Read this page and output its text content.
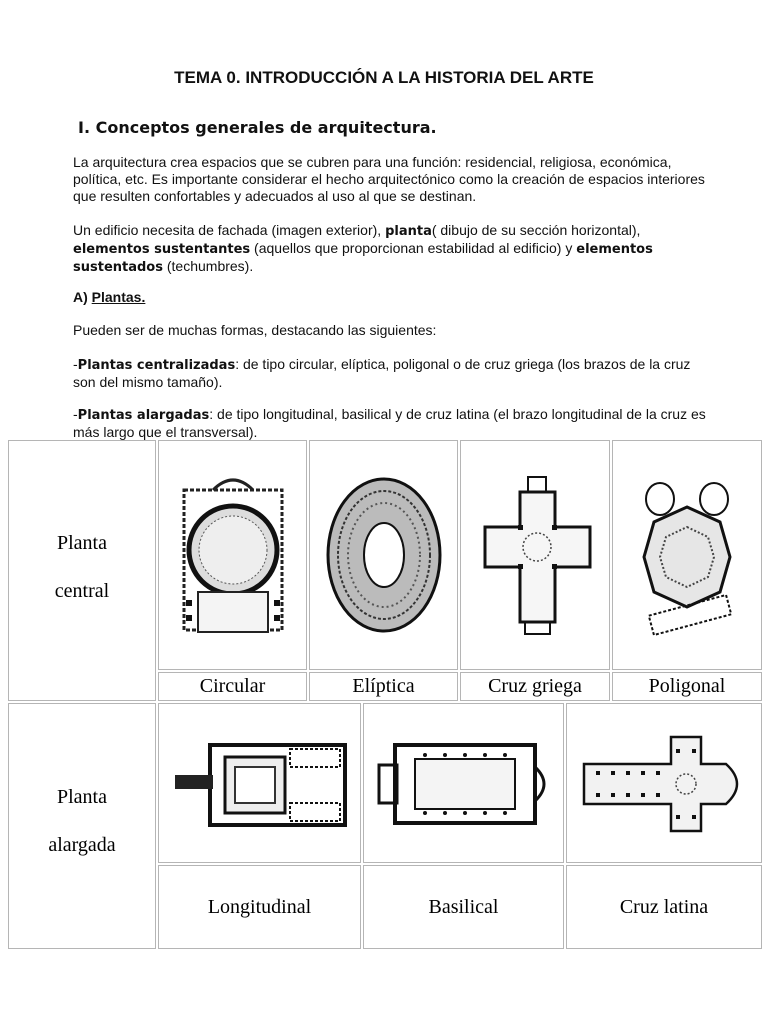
TEMA 0. INTRODUCCIÓN A LA HISTORIA DEL ARTE
I. Conceptos generales de arquitectura.
La arquitectura crea espacios que se cubren para una función: residencial, religiosa, económica, política, etc. Es importante considerar el hecho arquitectónico como la creación de espacios interiores que resulten confortables y adecuados al uso al que se destinan.
Un edificio necesita de fachada (imagen exterior), planta( dibujo de su sección horizontal), elementos sustentantes (aquellos que proporcionan estabilidad al edificio) y elementos sustentados (techumbres).
A) Plantas.
Pueden ser de muchas formas, destacando las siguientes:
-Plantas centralizadas: de tipo circular, elíptica, poligonal o de cruz griega (los brazos de la cruz son del mismo tamaño).
-Plantas alargadas: de tipo longitudinal, basilical y de cruz latina (el brazo longitudinal de la cruz es más largo que el transversal).
Planta
central
Circular	Elíptica	Cruz griega	Poligonal
Planta
alargada
Longitudinal	Basilical	Cruz latina
